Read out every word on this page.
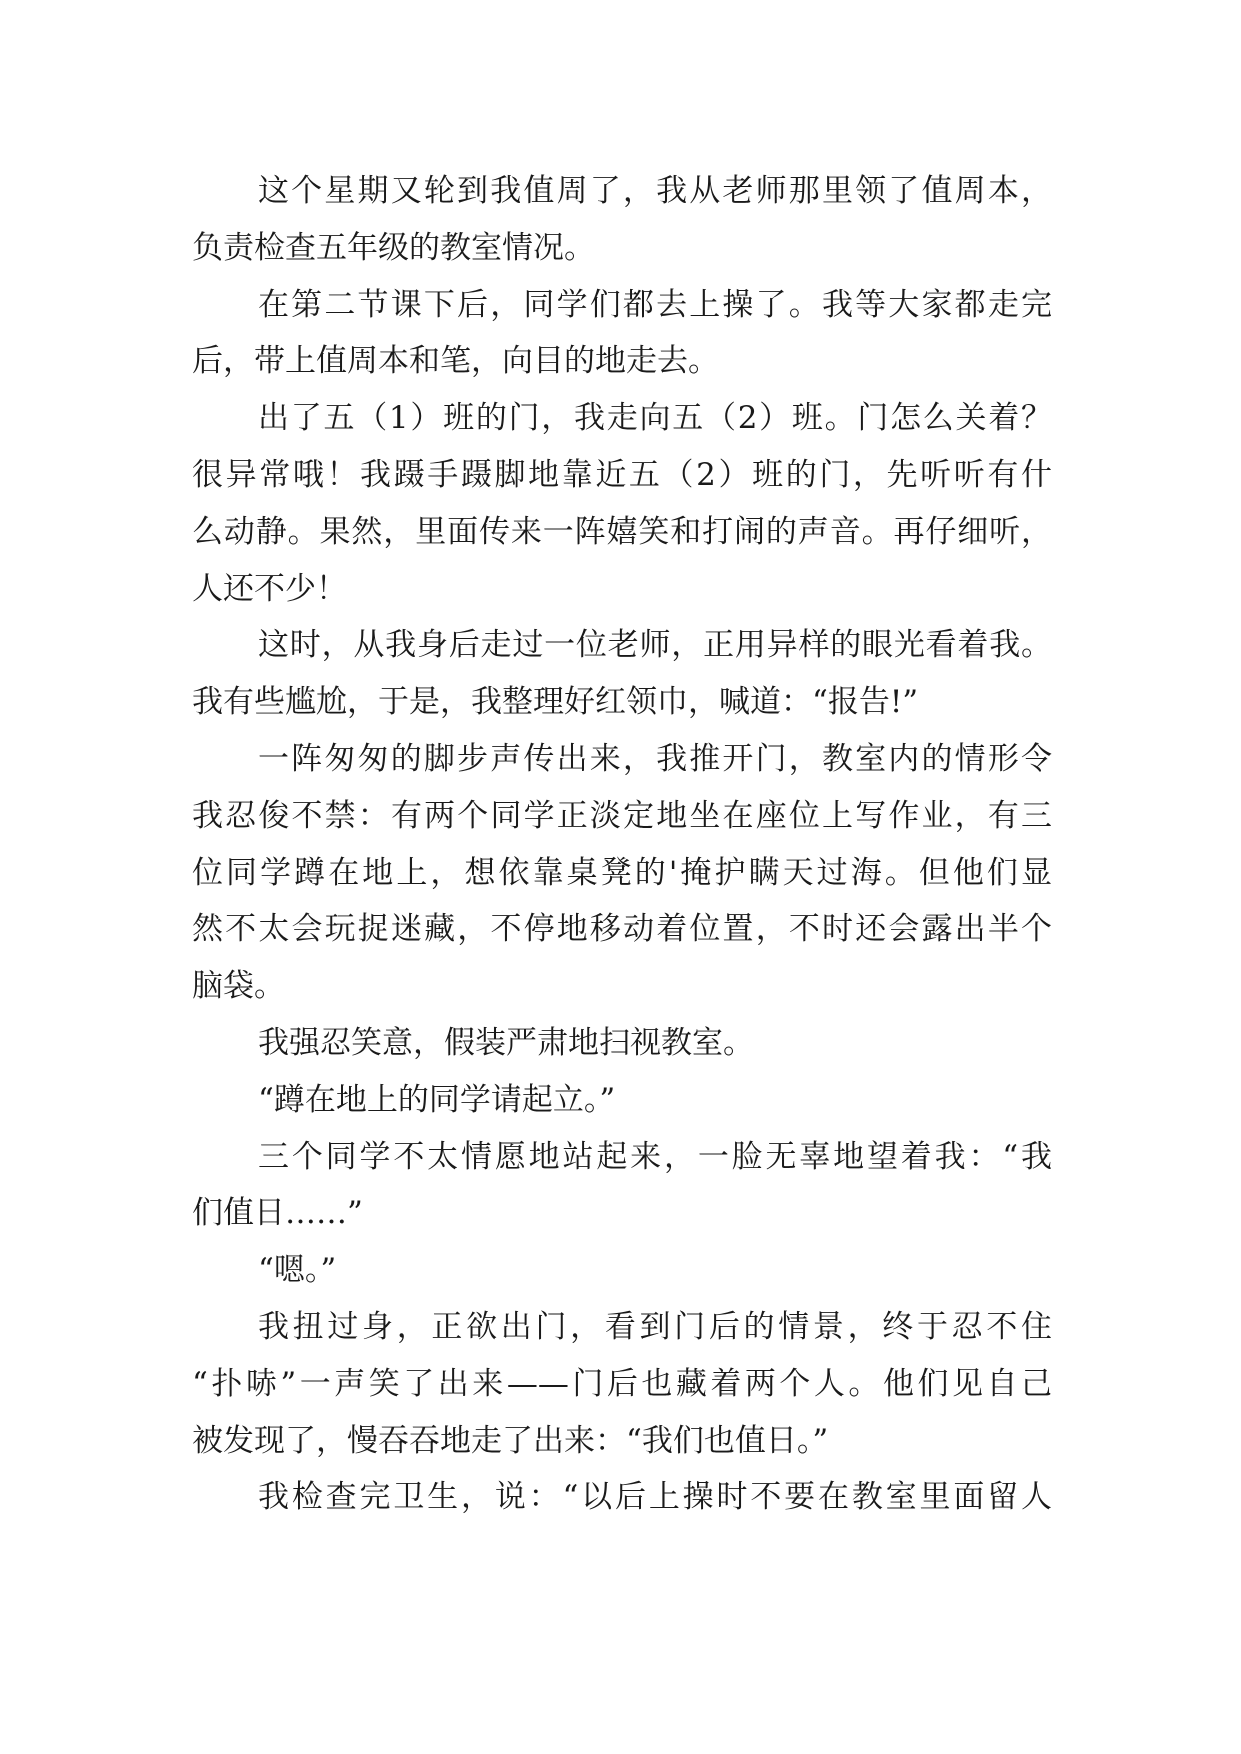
这个星期又轮到我值周了，我从老师那里领了值周本，
负责检查五年级的教室情况。
在第二节课下后，同学们都去上操了。我等大家都走完
后，带上值周本和笔，向目的地走去。
出了五（1）班的门，我走向五（2）班。门怎么关着？
很异常哦！我蹑手蹑脚地靠近五（2）班的门，先听听有什
么动静。果然，里面传来一阵嬉笑和打闹的声音。再仔细听，
人还不少！
这时，从我身后走过一位老师，正用异样的眼光看着我。
我有些尴尬，于是，我整理好红领巾，喊道：“报告!”
一阵匆匆的脚步声传出来，我推开门，教室内的情形令
我忍俊不禁：有两个同学正淡定地坐在座位上写作业，有三
位同学蹲在地上，想依靠桌凳的'掩护瞒天过海。但他们显
然不太会玩捉迷藏，不停地移动着位置，不时还会露出半个
脑袋。
我强忍笑意，假装严肃地扫视教室。
“蹲在地上的同学请起立。”
三个同学不太情愿地站起来，一脸无辜地望着我：“我
们值日……”
“嗯。”
我扭过身，正欲出门，看到门后的情景，终于忍不住
“扑哧”一声笑了出来——门后也藏着两个人。他们见自己
被发现了，慢吞吞地走了出来：“我们也值日。”
我检查完卫生，说：“以后上操时不要在教室里面留人
